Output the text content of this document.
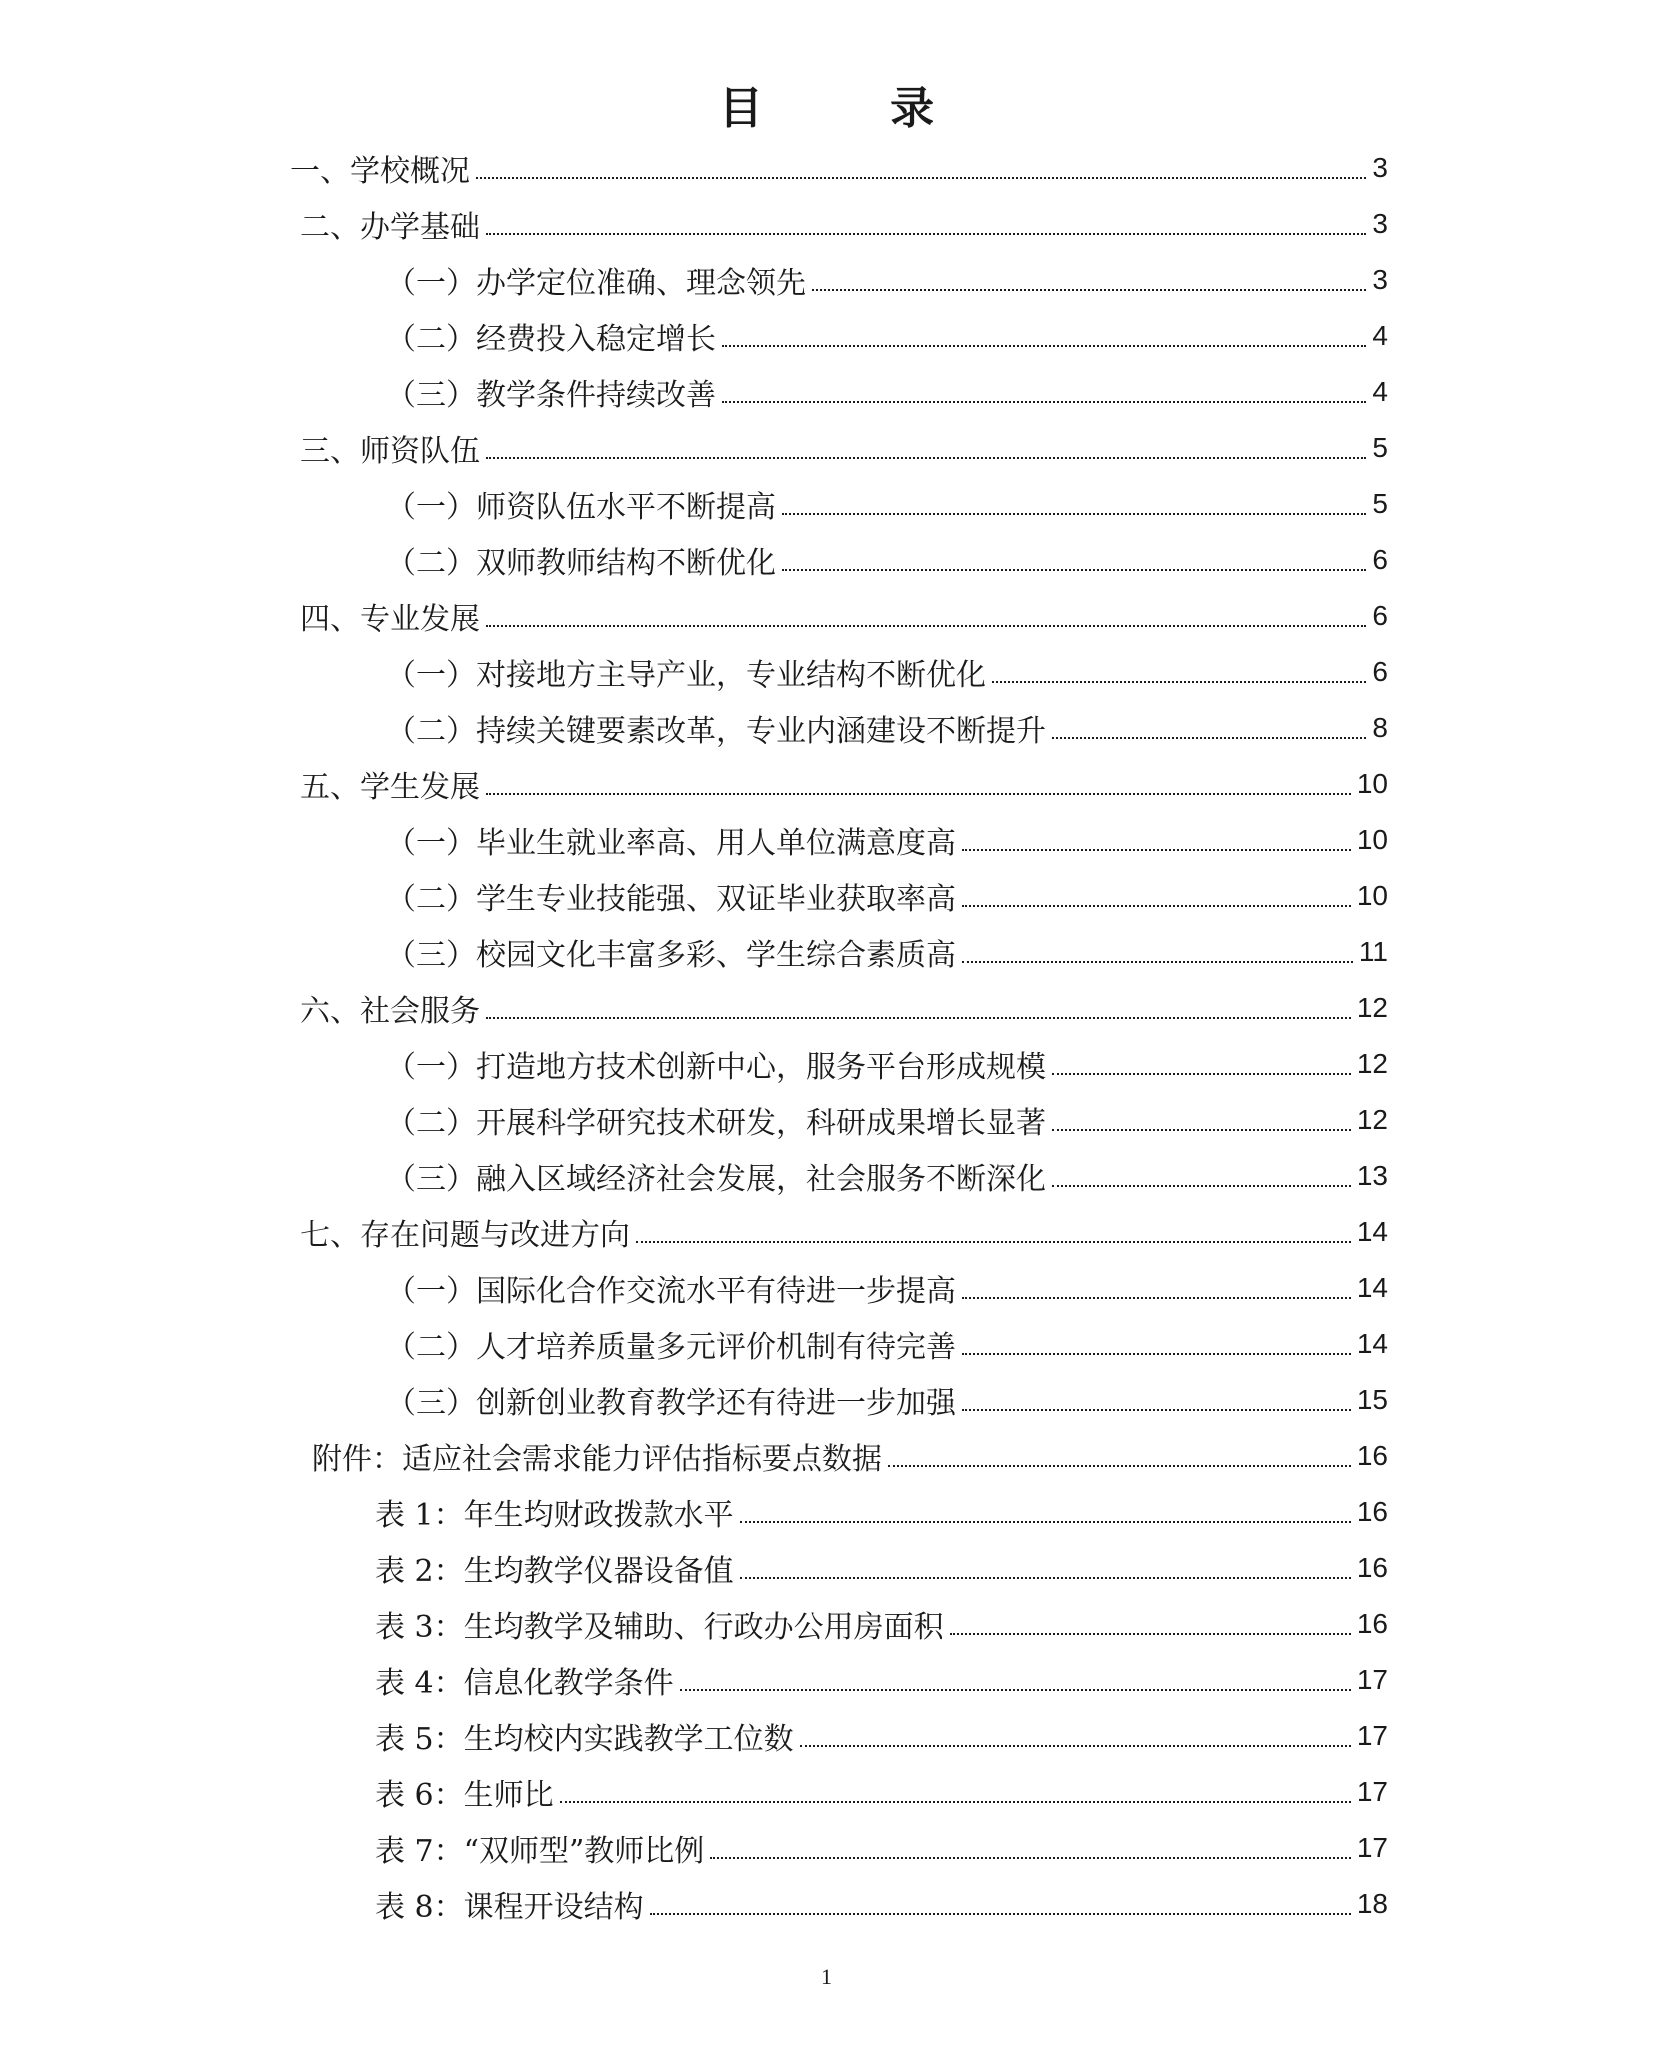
目 录
一、学校概况	3
二、办学基础	3
（一）办学定位准确、理念领先	3
（二）经费投入稳定增长	4
（三）教学条件持续改善	4
三、师资队伍	5
（一）师资队伍水平不断提高	5
（二）双师教师结构不断优化	6
四、专业发展	6
（一）对接地方主导产业，专业结构不断优化	6
（二）持续关键要素改革，专业内涵建设不断提升	8
五、学生发展	10
（一）毕业生就业率高、用人单位满意度高	10
（二）学生专业技能强、双证毕业获取率高	10
（三）校园文化丰富多彩、学生综合素质高	11
六、社会服务	12
（一）打造地方技术创新中心，服务平台形成规模	12
（二）开展科学研究技术研发，科研成果增长显著	12
（三）融入区域经济社会发展，社会服务不断深化	13
七、存在问题与改进方向	14
（一）国际化合作交流水平有待进一步提高	14
（二）人才培养质量多元评价机制有待完善	14
（三）创新创业教育教学还有待进一步加强	15
附件：适应社会需求能力评估指标要点数据	16
表 1：年生均财政拨款水平	16
表 2：生均教学仪器设备值	16
表 3：生均教学及辅助、行政办公用房面积	16
表 4：信息化教学条件	17
表 5：生均校内实践教学工位数	17
表 6：生师比	17
表 7：“双师型”教师比例	17
表 8：课程开设结构	18
1
